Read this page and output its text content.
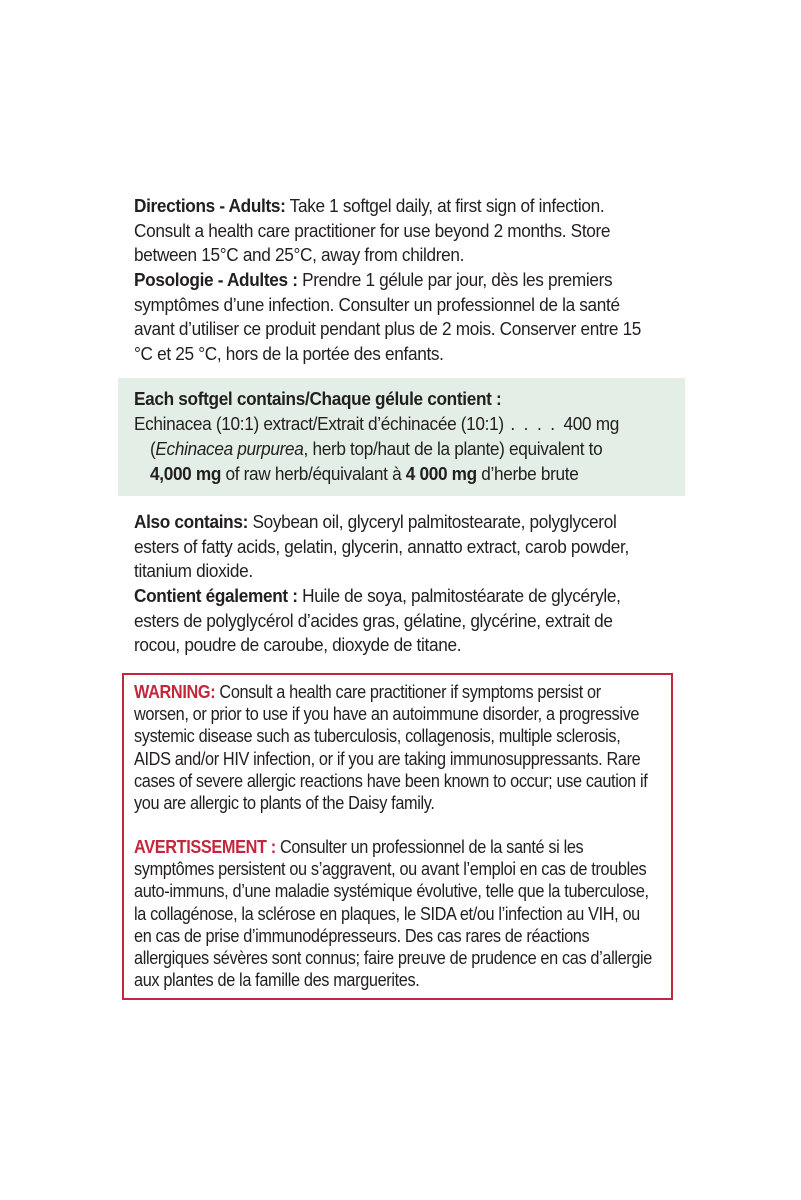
Directions - Adults: Take 1 softgel daily, at first sign of infection. Consult a health care practitioner for use beyond 2 months. Store between 15°C and 25°C, away from children.

Posologie - Adultes : Prendre 1 gélule par jour, dès les premiers symptômes d’une infection. Consulter un professionnel de la santé avant d’utiliser ce produit pendant plus de 2 mois. Conserver entre 15 °C et 25 °C, hors de la portée des enfants.

Each softgel contains/Chaque gélule contient :

Echinacea (10:1) extract/Extrait d’échinacée (10:1) . . . . 400 mg

(Echinacea purpurea, herb top/haut de la plante) equivalent to

4,000 mg of raw herb/équivalant à 4 000 mg d’herbe brute

Also contains: Soybean oil, glyceryl palmitostearate, polyglycerol esters of fatty acids, gelatin, glycerin, annatto extract, carob powder, titanium dioxide.

Contient également : Huile de soya, palmitostéarate de glycéryle, esters de polyglycérol d’acides gras, gélatine, glycérine, extrait de rocou, poudre de caroube, dioxyde de titane.

WARNING: Consult a health care practitioner if symptoms persist or worsen, or prior to use if you have an autoimmune disorder, a progressive systemic disease such as tuberculosis, collagenosis, multiple sclerosis, AIDS and/or HIV infection, or if you are taking immunosuppressants. Rare cases of severe allergic reactions have been known to occur; use caution if you are allergic to plants of the Daisy family.

AVERTISSEMENT : Consulter un professionnel de la santé si les symptômes persistent ou s’aggravent, ou avant l’emploi en cas de troubles auto-immuns, d’une maladie systémique évolutive, telle que la tuberculose, la collagénose, la sclérose en plaques, le SIDA et/ou l’infection au VIH, ou en cas de prise d’immunodépresseurs. Des cas rares de réactions allergiques sévères sont connus; faire preuve de prudence en cas d’allergie aux plantes de la famille des marguerites.
